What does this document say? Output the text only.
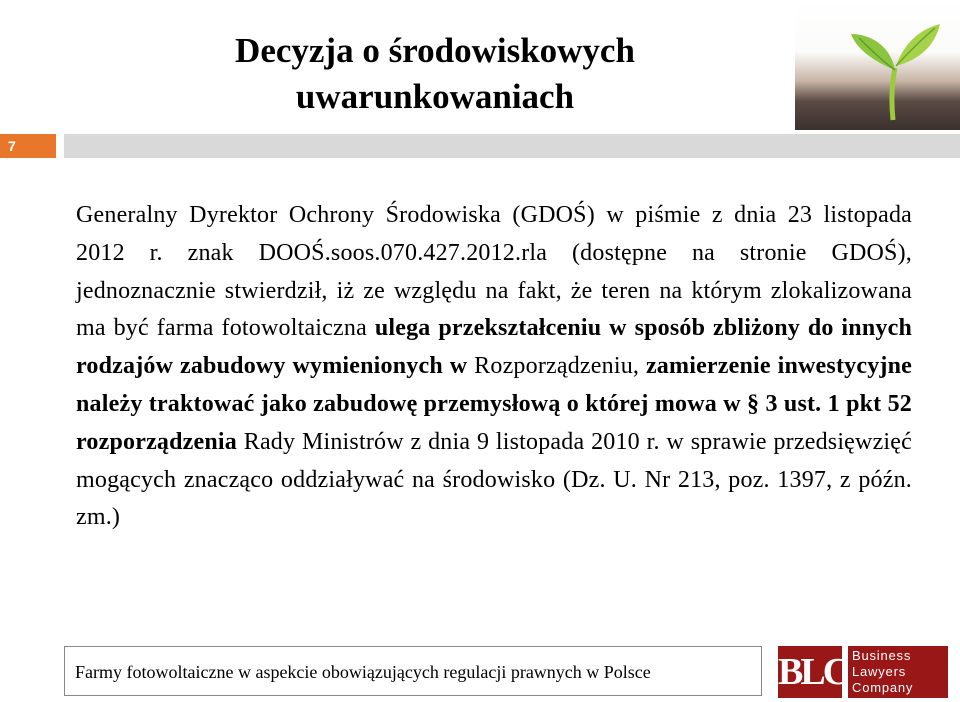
Decyzja o środowiskowych
uwarunkowaniach
7
Generalny Dyrektor Ochrony Środowiska (GDOŚ) w piśmie z dnia 23 listopada 2012 r. znak DOOŚ.soos.070.427.2012.rla (dostępne na stronie GDOŚ), jednoznacznie stwierdził, iż ze względu na fakt, że teren na którym zlokalizowana ma być farma fotowoltaiczna ulega przekształceniu w sposób zbliżony do innych rodzajów zabudowy wymienionych w Rozporządzeniu, zamierzenie inwestycyjne należy traktować jako zabudowę przemysłową o której mowa w § 3 ust. 1 pkt 52 rozporządzenia Rady Ministrów z dnia 9 listopada 2010 r. w sprawie przedsięwzięć mogących znacząco oddziaływać na środowisko (Dz. U. Nr 213, poz. 1397, z późn. zm.)
Farmy fotowoltaiczne w aspekcie obowiązujących regulacji prawnych w Polsce	BLC Business
Lawyers
Company
